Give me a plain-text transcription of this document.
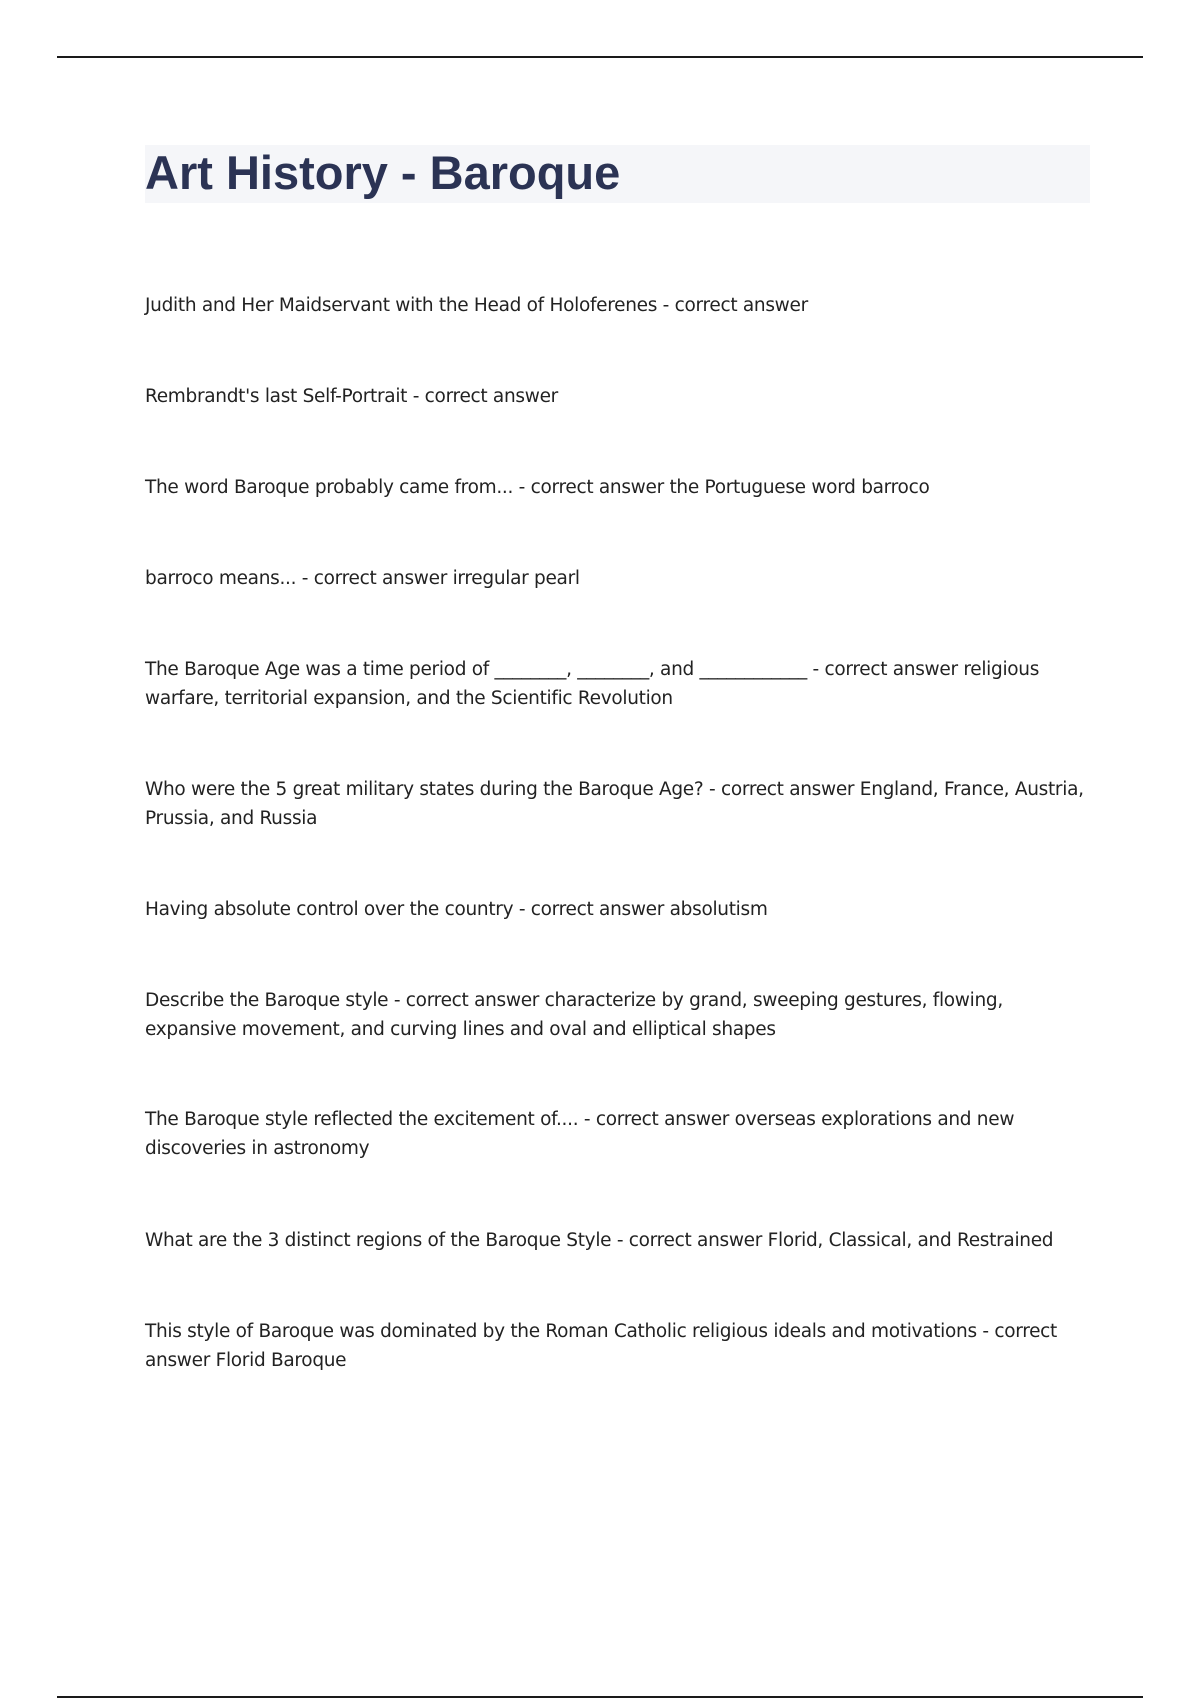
Art History - Baroque

Judith and Her Maidservant with the Head of Holoferenes - correct answer

Rembrandt's last Self-Portrait - correct answer

The word Baroque probably came from... - correct answer the Portuguese word barroco

barroco means... - correct answer irregular pearl

The Baroque Age was a time period of ________, ________, and ____________ - correct answer religious warfare, territorial expansion, and the Scientific Revolution

Who were the 5 great military states during the Baroque Age? - correct answer England, France, Austria, Prussia, and Russia

Having absolute control over the country - correct answer absolutism

Describe the Baroque style - correct answer characterize by grand, sweeping gestures, flowing, expansive movement, and curving lines and oval and elliptical shapes

The Baroque style reflected the excitement of.... - correct answer overseas explorations and new discoveries in astronomy

What are the 3 distinct regions of the Baroque Style - correct answer Florid, Classical, and Restrained

This style of Baroque was dominated by the Roman Catholic religious ideals and motivations - correct answer Florid Baroque
